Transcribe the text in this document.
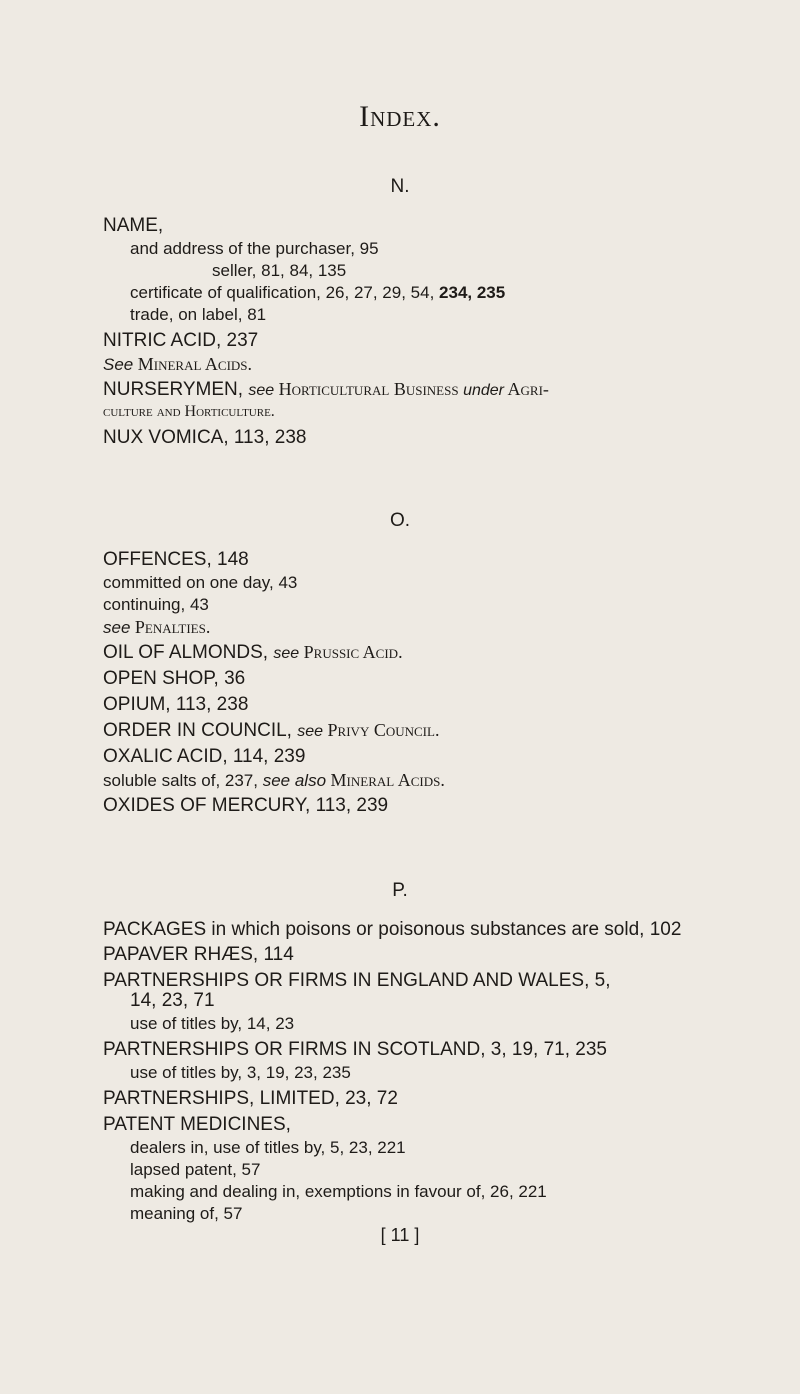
Index.
N.
NAME,
and address of the purchaser, 95
seller, 81, 84, 135
certificate of qualification, 26, 27, 29, 54, 234, 235
trade, on label, 81
NITRIC ACID, 237
See Mineral Acids.
NURSERYMEN, see Horticultural Business under Agri-
culture and Horticulture.
NUX VOMICA, 113, 238
O.
OFFENCES, 148
committed on one day, 43
continuing, 43
see Penalties.
OIL OF ALMONDS, see Prussic Acid.
OPEN SHOP, 36
OPIUM, 113, 238
ORDER IN COUNCIL, see Privy Council.
OXALIC ACID, 114, 239
soluble salts of, 237, see also Mineral Acids.
OXIDES OF MERCURY, 113, 239
P.
PACKAGES in which poisons or poisonous substances are sold, 102
PAPAVER RHÆS, 114
PARTNERSHIPS OR FIRMS IN ENGLAND AND WALES, 5,
14, 23, 71
use of titles by, 14, 23
PARTNERSHIPS OR FIRMS IN SCOTLAND, 3, 19, 71, 235
use of titles by, 3, 19, 23, 235
PARTNERSHIPS, LIMITED, 23, 72
PATENT MEDICINES,
dealers in, use of titles by, 5, 23, 221
lapsed patent, 57
making and dealing in, exemptions in favour of, 26, 221
meaning of, 57
[ 11 ]
